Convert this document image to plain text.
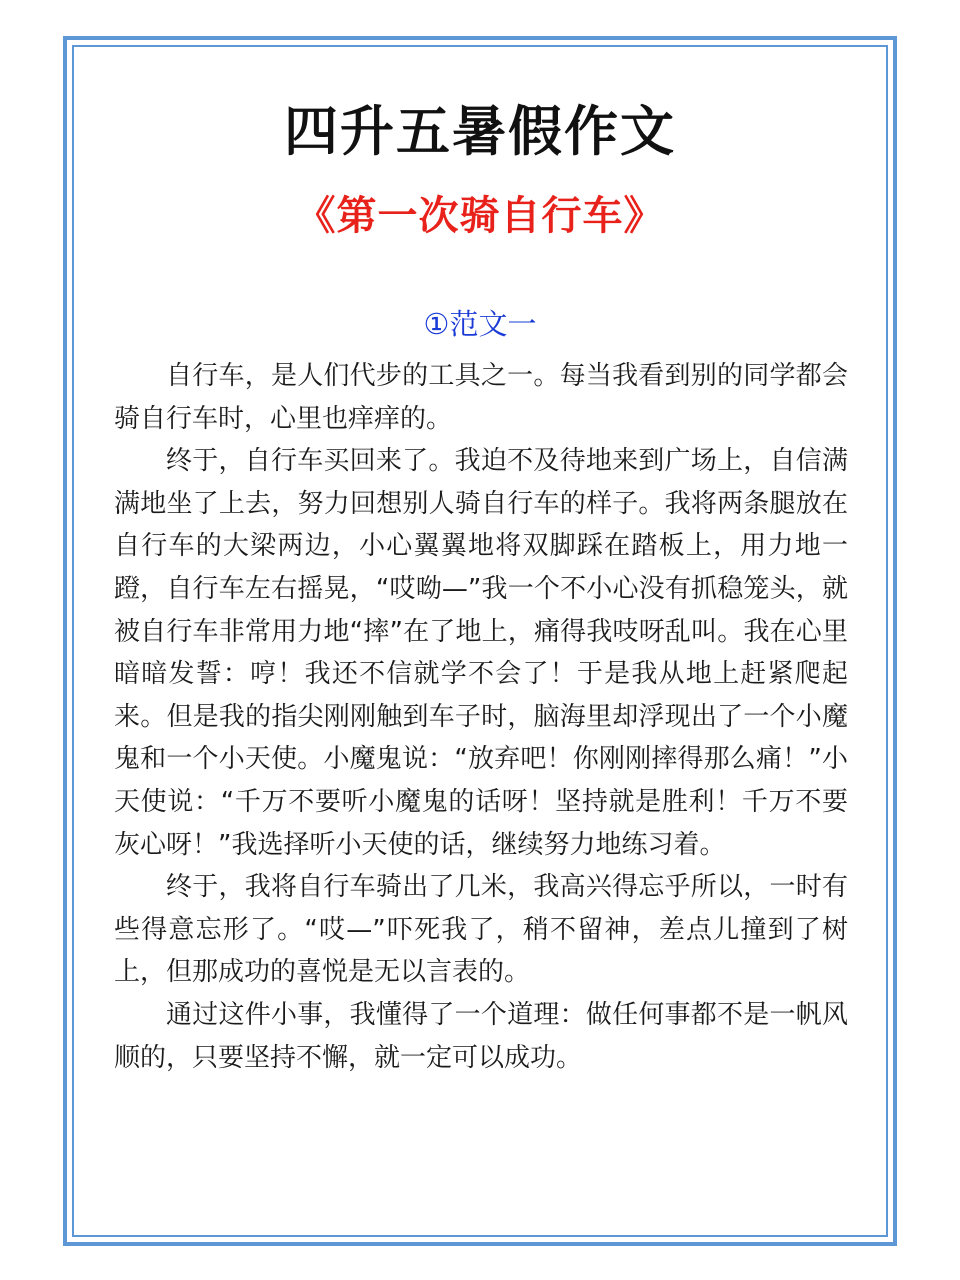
四升五暑假作文
《第一次骑自行车》
①范文一

自行车，是人们代步的工具之一。每当我看到别的同学都会骑自行车时，心里也痒痒的。

终于，自行车买回来了。我迫不及待地来到广场上，自信满满地坐了上去，努力回想别人骑自行车的样子。我将两条腿放在自行车的大梁两边，小心翼翼地将双脚踩在踏板上，用力地一蹬，自行车左右摇晃，“哎呦—”我一个不小心没有抓稳笼头，就被自行车非常用力地“摔”在了地上，痛得我吱呀乱叫。我在心里暗暗发誓：哼！我还不信就学不会了！于是我从地上赶紧爬起来。但是我的指尖刚刚触到车子时，脑海里却浮现出了一个小魔鬼和一个小天使。小魔鬼说：“放弃吧！你刚刚摔得那么痛！”小天使说：“千万不要听小魔鬼的话呀！坚持就是胜利！千万不要灰心呀！”我选择听小天使的话，继续努力地练习着。

终于，我将自行车骑出了几米，我高兴得忘乎所以，一时有些得意忘形了。“哎—”吓死我了，稍不留神，差点儿撞到了树上，但那成功的喜悦是无以言表的。

通过这件小事，我懂得了一个道理：做任何事都不是一帆风顺的，只要坚持不懈，就一定可以成功。
